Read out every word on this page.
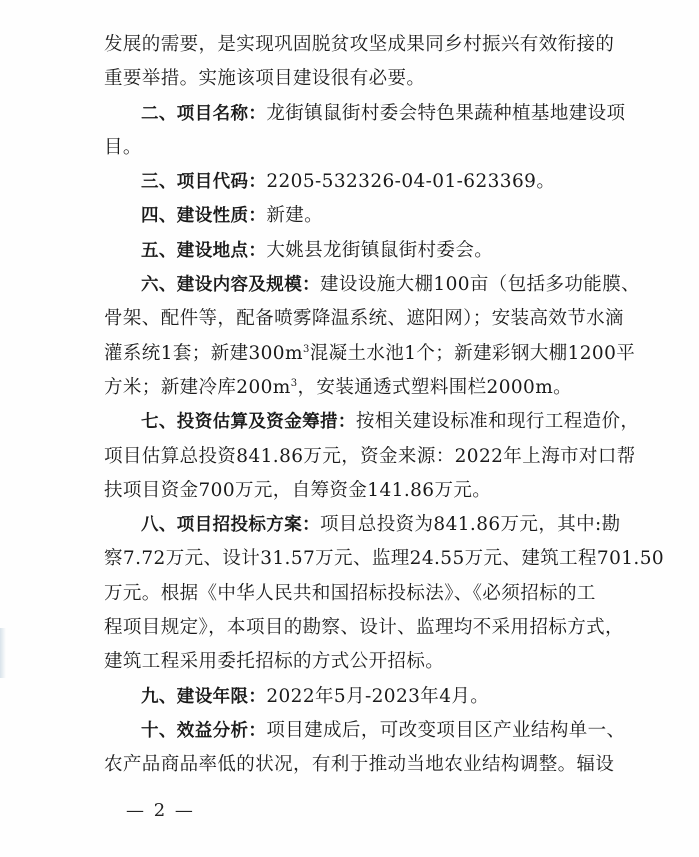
发展的需要，是实现巩固脱贫攻坚成果同乡村振兴有效衔接的
重要举措。实施该项目建设很有必要。
二、项目名称：龙街镇鼠街村委会特色果蔬种植基地建设项
目。
三、项目代码：2205-532326-04-01-623369。
四、建设性质：新建。
五、建设地点：大姚县龙街镇鼠街村委会。
六、建设内容及规模：建设设施大棚100亩（包括多功能膜、
骨架、配件等，配备喷雾降温系统、遮阳网）；安装高效节水滴
灌系统1套；新建$300m^3$混凝土水池1个；新建彩钢大棚1200平
方米；新建冷库$200m^3$，安装通透式塑料围栏2000m。
七、投资估算及资金筹措：按相关建设标准和现行工程造价，
项目估算总投资841.86万元，资金来源：2022年上海市对口帮
扶项目资金700万元，自筹资金141.86万元。
八、项目招投标方案：项目总投资为841.86万元，其中:勘
察7.72万元、设计31.57万元、监理24.55万元、建筑工程701.50
万元。根据《中华人民共和国招标投标法》、《必须招标的工
程项目规定》，本项目的勘察、设计、监理均不采用招标方式，
建筑工程采用委托招标的方式公开招标。
九、建设年限：2022年5月-2023年4月。
十、效益分析：项目建成后，可改变项目区产业结构单一、
农产品商品率低的状况，有利于推动当地农业结构调整。辐设
— 2 —
